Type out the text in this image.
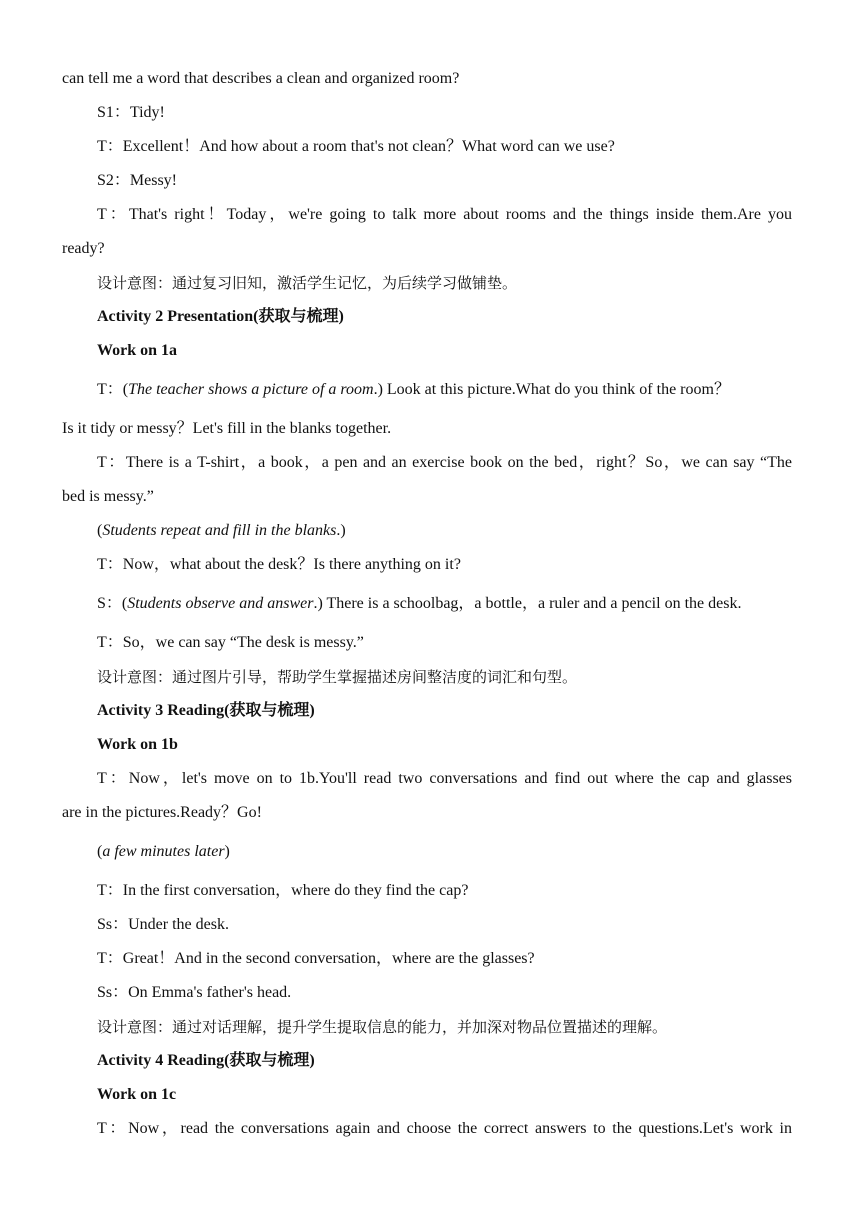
can tell me a word that describes a clean and organized room?
S1：Tidy!
T：Excellent！And how about a room that's not clean？What word can we use?
S2：Messy!
T：That's right！Today，we're going to talk more about rooms and the things inside them.Are you
ready?
设计意图：通过复习旧知，激活学生记忆，为后续学习做铺垫。
Activity 2 Presentation(获取与梳理)
Work on 1a
T：(The teacher shows a picture of a room.) Look at this picture.What do you think of the room？
Is it tidy or messy？Let's fill in the blanks together.
T：There is a T-shirt，a book，a pen and an exercise book on the bed，right？So，we can say “The
bed is messy.”
(Students repeat and fill in the blanks.)
T：Now，what about the desk？Is there anything on it?
S：(Students observe and answer.) There is a schoolbag，a bottle，a ruler and a pencil on the desk.
T：So，we can say “The desk is messy.”
设计意图：通过图片引导，帮助学生掌握描述房间整洁度的词汇和句型。
Activity 3 Reading(获取与梳理)
Work on 1b
T：Now，let's move on to 1b.You'll read two conversations and find out where the cap and glasses
are in the pictures.Ready？Go!
(a few minutes later)
T：In the first conversation，where do they find the cap?
Ss：Under the desk.
T：Great！And in the second conversation，where are the glasses?
Ss：On Emma's father's head.
设计意图：通过对话理解，提升学生提取信息的能力，并加深对物品位置描述的理解。
Activity 4 Reading(获取与梳理)
Work on 1c
T：Now，read the conversations again and choose the correct answers to the questions.Let's work in
